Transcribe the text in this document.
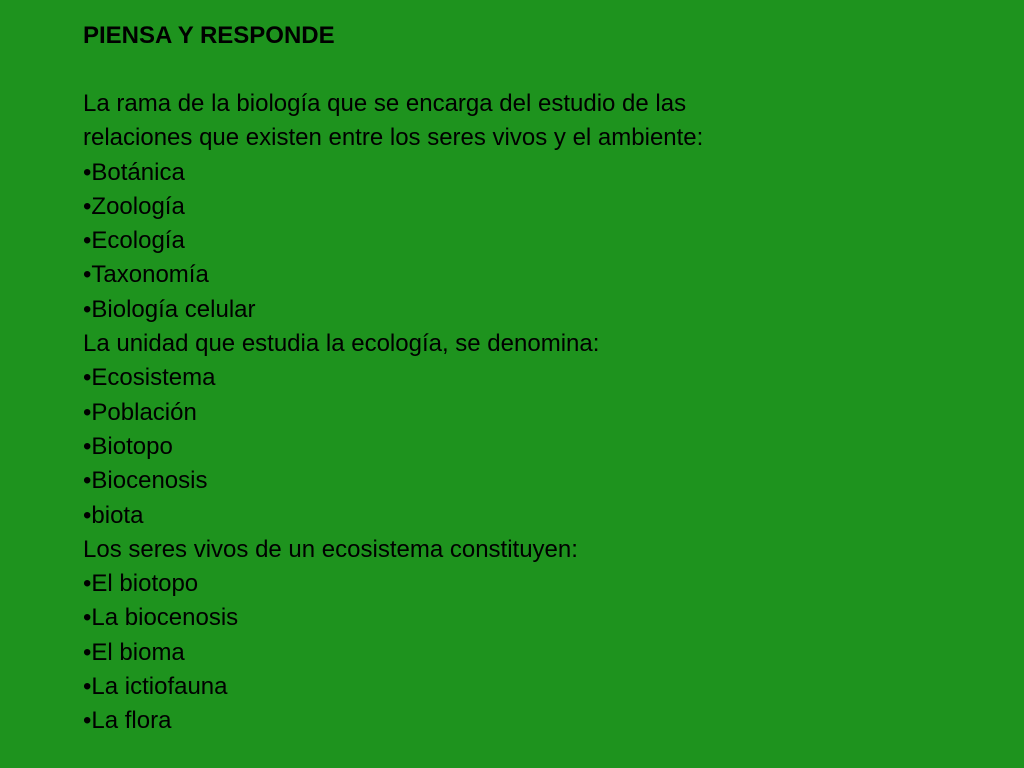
PIENSA Y RESPONDE
La rama de la biología que se encarga del estudio de las
relaciones que existen entre los seres vivos y el ambiente:
•Botánica
•Zoología
•Ecología
•Taxonomía
•Biología celular
La unidad que estudia la ecología, se denomina:
•Ecosistema
•Población
•Biotopo
•Biocenosis
•biota
Los seres vivos de un ecosistema constituyen:
•El biotopo
•La biocenosis
•El bioma
•La ictiofauna
•La flora
